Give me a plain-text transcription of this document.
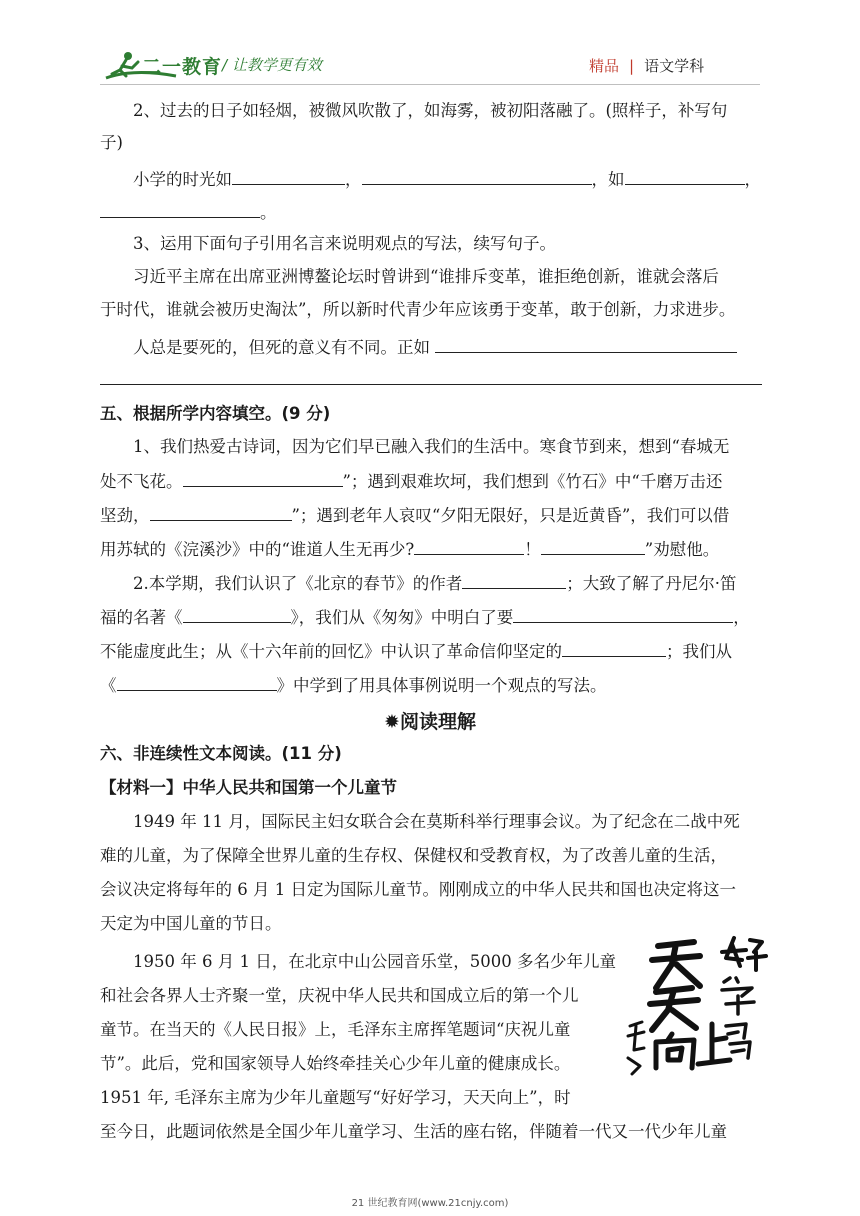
二一教育 / 让教学更有效	精品 | 语文学科
2、过去的日子如轻烟，被微风吹散了，如海雾，被初阳落融了。(照样子，补写句
子)
小学的时光如	，	，如	，
。
3、运用下面句子引用名言来说明观点的写法，续写句子。
习近平主席在出席亚洲博鳌论坛时曾讲到“谁排斥变革，谁拒绝创新，谁就会落后
于时代，谁就会被历史淘汰”，所以新时代青少年应该勇于变革，敢于创新，力求进步。
人总是要死的，但死的意义有不同。正如
五、根据所学内容填空。(9 分)
1、我们热爱古诗词，因为它们早已融入我们的生活中。寒食节到来，想到“春城无
处不飞花。	”；遇到艰难坎坷，我们想到《竹石》中“千磨万击还
坚劲，	”；遇到老年人哀叹“夕阳无限好，只是近黄昏”，我们可以借
用苏轼的《浣溪沙》中的“谁道人生无再少?	！	”劝慰他。
2.本学期，我们认识了《北京的春节》的作者	；大致了解了丹尼尔·笛
福的名著《	》，我们从《匆匆》中明白了要	，
不能虚度此生；从《十六年前的回忆》中认识了革命信仰坚定的	；我们从
《	》中学到了用具体事例说明一个观点的写法。
✹阅读理解
六、非连续性文本阅读。(11 分)
【材料一】中华人民共和国第一个儿童节
1949 年 11 月，国际民主妇女联合会在莫斯科举行理事会议。为了纪念在二战中死
难的儿童，为了保障全世界儿童的生存权、保健权和受教育权，为了改善儿童的生活，
会议决定将每年的 6 月 1 日定为国际儿童节。刚刚成立的中华人民共和国也决定将这一
天定为中国儿童的节日。
1950 年 6 月 1 日，在北京中山公园音乐堂，5000 多名少年儿童
和社会各界人士齐聚一堂，庆祝中华人民共和国成立后的第一个儿
童节。在当天的《人民日报》上，毛泽东主席挥笔题词“庆祝儿童
节”。此后，党和国家领导人始终牵挂关心少年儿童的健康成长。
1951 年, 毛泽东主席为少年儿童题写“好好学习，天天向上”，时
至今日，此题词依然是全国少年儿童学习、生活的座右铭，伴随着一代又一代少年儿童
21 世纪教育网(www.21cnjy.com)
